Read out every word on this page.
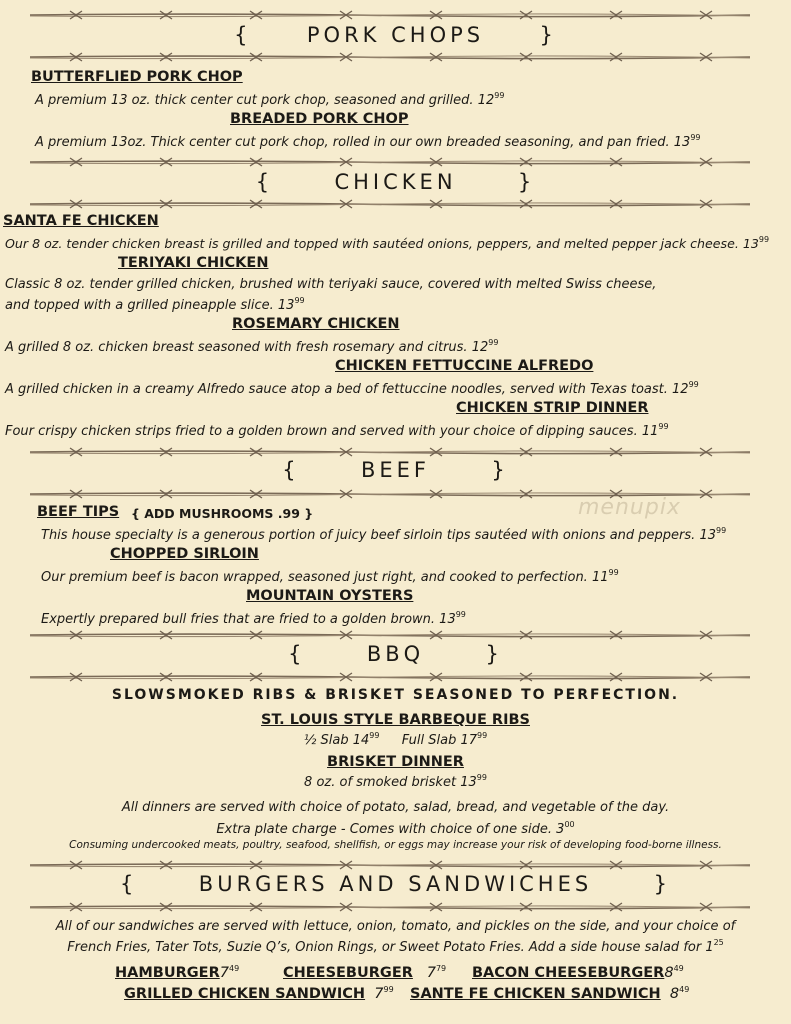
{	PORK CHOPS	}
{	CHICKEN	}
{	BEEF	}
{	BBQ	}
{	BURGERS AND SANDWICHES	}
BUTTERFLIED PORK CHOP
A premium 13 oz. thick center cut pork chop, seasoned and grilled. $12^{99}$
BREADED PORK CHOP
A premium 13oz. Thick center cut pork chop, rolled in our own breaded seasoning, and pan fried. $13^{99}$
SANTA FE CHICKEN
Our 8 oz. tender chicken breast is grilled and topped with sautéed onions, peppers, and melted pepper jack cheese. $13^{99}$
TERIYAKI CHICKEN
Classic 8 oz. tender grilled chicken, brushed with teriyaki sauce, covered with melted Swiss cheese,
and topped with a grilled pineapple slice. $13^{99}$
ROSEMARY CHICKEN
A grilled 8 oz. chicken breast seasoned with fresh rosemary and citrus. $12^{99}$
CHICKEN FETTUCCINE ALFREDO
A grilled chicken in a creamy Alfredo sauce atop a bed of fettuccine noodles, served with Texas toast. $12^{99}$
CHICKEN STRIP DINNER
Four crispy chicken strips fried to a golden brown and served with your choice of dipping sauces. $11^{99}$
BEEF TIPS { ADD MUSHROOMS .99 }
This house specialty is a generous portion of juicy beef sirloin tips sautéed with onions and peppers. $13^{99}$
CHOPPED SIRLOIN
Our premium beef is bacon wrapped, seasoned just right, and cooked to perfection. $11^{99}$
MOUNTAIN OYSTERS
Expertly prepared bull fries that are fried to a golden brown. $13^{99}$
SLOWSMOKED RIBS & BRISKET SEASONED TO PERFECTION.
ST. LOUIS STYLE BARBEQUE RIBS
½ Slab $14^{99}$ Full Slab $17^{99}$
BRISKET DINNER
8 oz. of smoked brisket $13^{99}$
All dinners are served with choice of potato, salad, bread, and vegetable of the day.
Extra plate charge - Comes with choice of one side. $3^{00}$
Consuming undercooked meats, poultry, seafood, shellfish, or eggs may increase your risk of developing food-borne illness.
All of our sandwiches are served with lettuce, onion, tomato, and pickles on the side, and your choice of
French Fries, Tater Tots, Suzie Q’s, Onion Rings, or Sweet Potato Fries. Add a side house salad for $1^{25}$
$HAMBURGER7^{49}$	CHEESEBURGER $7^{79}$ BACON $CHEESEBURGER8^{49}$
GRILLED CHICKEN SANDWICH $7^{99}$ SANTE FE CHICKEN SANDWICH $8^{49}$
menupix
